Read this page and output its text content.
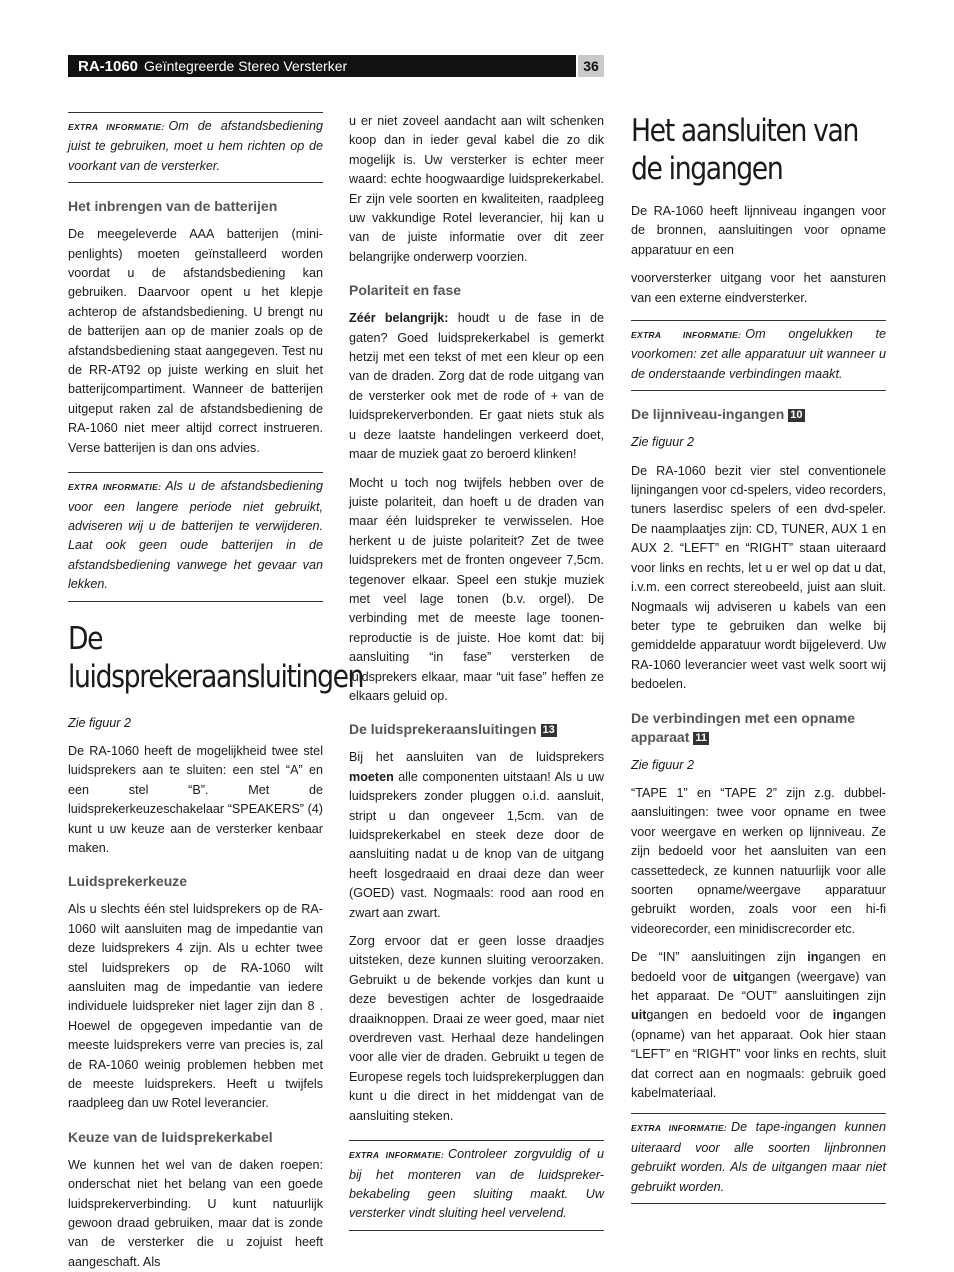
RA-1060 Geïntegreerde Stereo Versterker	36

EXTRA INFORMATIE: Om de afstandsbediening juist te gebruiken, moet u hem richten op de voorkant van de versterker.

Het inbrengen van de batterijen

De meegeleverde AAA batterijen (mini-penlights) moeten geïnstalleerd worden voordat u de afstandsbediening kan gebruiken. Daarvoor opent u het klepje achterop de afstandsbediening. U brengt nu de batterijen aan op de manier zoals op de afstandsbediening staat aangegeven. Test nu de RR-AT92 op juiste werking en sluit het batterijcompartiment. Wanneer de batterijen uitgeput raken zal de afstandsbediening de RA-1060 niet meer altijd correct instrueren. Verse batterijen is dan ons advies.

EXTRA INFORMATIE: Als u de afstandsbediening voor een langere periode niet gebruikt, adviseren wij u de batterijen te verwijderen. Laat ook geen oude batterijen in de afstandsbediening vanwege het gevaar van lekken.

De luidsprekeraansluitingen

Zie figuur 2

De RA-1060 heeft de mogelijkheid twee stel luidsprekers aan te sluiten: een stel “A” en een stel “B”. Met de luidsprekerkeuzeschakelaar “SPEAKERS” (4) kunt u uw keuze aan de versterker kenbaar maken.

Luidsprekerkeuze

Als u slechts één stel luidsprekers op de RA-1060 wilt aansluiten mag de impedantie van deze luidsprekers 4 zijn. Als u echter twee stel luidsprekers op de RA-1060 wilt aansluiten mag de impedantie van iedere individuele luidspreker niet lager zijn dan 8 . Hoewel de opgegeven impedantie van de meeste luidsprekers verre van precies is, zal de RA-1060 weinig problemen hebben met de meeste luidsprekers. Heeft u twijfels raadpleeg dan uw Rotel leverancier.

Keuze van de luidsprekerkabel

We kunnen het wel van de daken roepen: onderschat niet het belang van een goede luidsprekerverbinding. U kunt natuurlijk gewoon draad gebruiken, maar dat is zonde van de versterker die u zojuist heeft aangeschaft. Als

u er niet zoveel aandacht aan wilt schenken koop dan in ieder geval kabel die zo dik mogelijk is. Uw versterker is echter meer waard: echte hoogwaardige luidsprekerkabel. Er zijn vele soorten en kwaliteiten, raadpleeg uw vakkundige Rotel leverancier, hij kan u van de juiste informatie over dit zeer belangrijke onderwerp voorzien.

Polariteit en fase

Zéér belangrijk: houdt u de fase in de gaten? Goed luidsprekerkabel is gemerkt hetzij met een tekst of met een kleur op een van de draden. Zorg dat de rode uitgang van de versterker ook met de rode of + van de luidsprekerverbonden. Er gaat niets stuk als u deze laatste handelingen verkeerd doet, maar de muziek gaat zo beroerd klinken!

Mocht u toch nog twijfels hebben over de juiste polariteit, dan hoeft u de draden van maar één luidspreker te verwisselen. Hoe herkent u de juiste polariteit? Zet de twee luidsprekers met de fronten ongeveer 7,5cm. tegenover elkaar. Speel een stukje muziek met veel lage tonen (b.v. orgel). De verbinding met de meeste lage toonen-reproductie is de juiste. Hoe komt dat: bij aansluiting “in fase” versterken de luidsprekers elkaar, maar “uit fase” heffen ze elkaars geluid op.

De luidsprekeraansluitingen 13

Bij het aansluiten van de luidsprekers moeten alle componenten uitstaan! Als u uw luidsprekers zonder pluggen o.i.d. aansluit, stript u dan ongeveer 1,5cm. van de luidsprekerkabel en steek deze door de aansluiting nadat u de knop van de uitgang heeft losgedraaid en draai deze dan weer (GOED) vast. Nogmaals: rood aan rood en zwart aan zwart.

Zorg ervoor dat er geen losse draadjes uitsteken, deze kunnen sluiting veroorzaken. Gebruikt u de bekende vorkjes dan kunt u deze bevestigen achter de losgedraaide draaiknoppen. Draai ze weer goed, maar niet overdreven vast. Herhaal deze handelingen voor alle vier de draden. Gebruikt u tegen de Europese regels toch luidsprekerpluggen dan kunt u die direct in het middengat van de aansluiting steken.

EXTRA INFORMATIE: Controleer zorgvuldig of u bij het monteren van de luidspreker-bekabeling geen sluiting maakt. Uw versterker vindt sluiting heel vervelend.

Het aansluiten van de ingangen

De RA-1060 heeft lijnniveau ingangen voor de bronnen, aansluitingen voor opname apparatuur en een

voorversterker uitgang voor het aansturen van een externe eindversterker.

EXTRA INFORMATIE: Om ongelukken te voorkomen: zet alle apparatuur uit wanneer u de onderstaande verbindingen maakt.

De lijnniveau-ingangen 10

Zie figuur 2

De RA-1060 bezit vier stel conventionele lijningangen voor cd-spelers, video recorders, tuners laserdisc spelers of een dvd-speler. De naamplaatjes zijn: CD, TUNER, AUX 1 en AUX 2. “LEFT” en “RIGHT” staan uiteraard voor links en rechts, let u er wel op dat u dat, i.v.m. een correct stereobeeld, juist aan sluit. Nogmaals wij adviseren u kabels van een beter type te gebruiken dan welke bij gemiddelde apparatuur wordt bijgeleverd. Uw RA-1060 leverancier weet vast welk soort wij bedoelen.

De verbindingen met een opname apparaat 11

Zie figuur 2

“TAPE 1” en “TAPE 2” zijn z.g. dubbel-aansluitingen: twee voor opname en twee voor weergave en werken op lijnniveau. Ze zijn bedoeld voor het aansluiten van een cassettedeck, ze kunnen natuurlijk voor alle soorten opname/weergave apparatuur gebruikt worden, zoals voor een hi-fi videorecorder, een minidiscrecorder etc.

De “IN” aansluitingen zijn ingangen en bedoeld voor de uitgangen (weergave) van het apparaat. De “OUT” aansluitingen zijn uitgangen en bedoeld voor de ingangen (opname) van het apparaat. Ook hier staan “LEFT” en “RIGHT” voor links en rechts, sluit dat correct aan en nogmaals: gebruik goed kabelmateriaal.

EXTRA INFORMATIE: De tape-ingangen kunnen uiteraard voor alle soorten lijnbronnen gebruikt worden. Als de uitgangen maar niet gebruikt worden.
